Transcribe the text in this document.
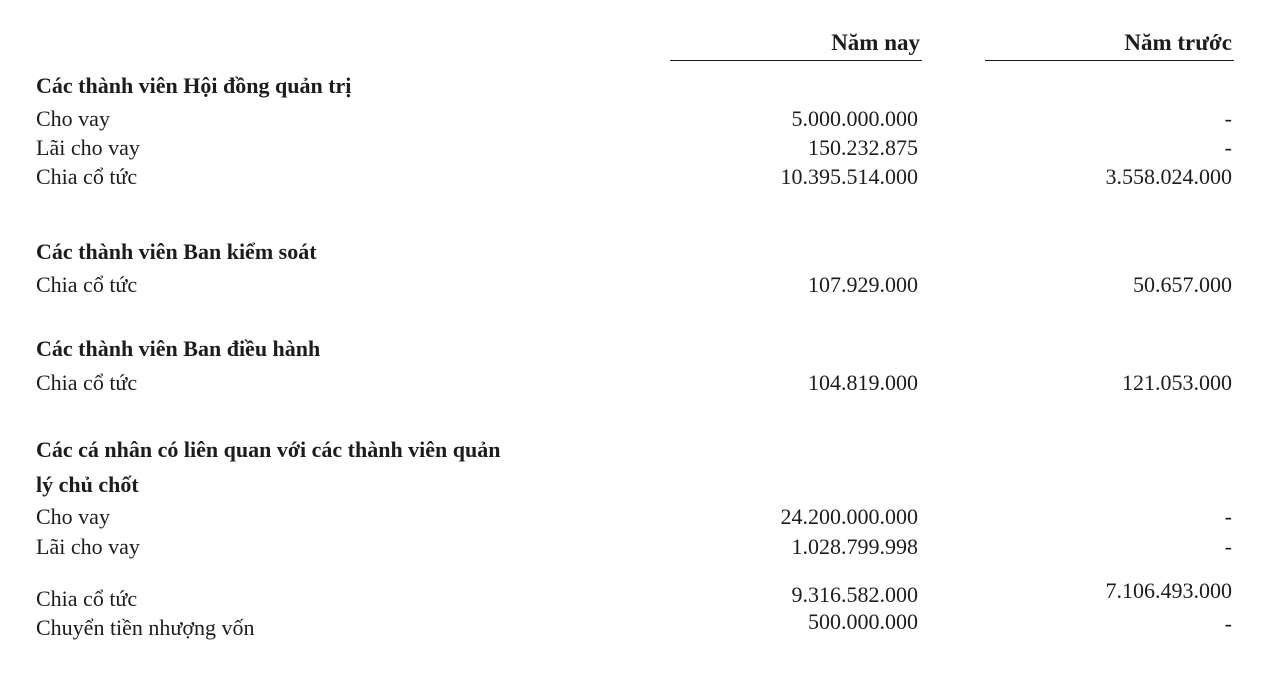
Năm nay	Năm trước
Các thành viên Hội đồng quản trị
Cho vay	5.000.000.000	-
Lãi cho vay	150.232.875	-
Chia cổ tức	10.395.514.000	3.558.024.000
Các thành viên Ban kiểm soát
Chia cổ tức	107.929.000	50.657.000
Các thành viên Ban điều hành
Chia cổ tức	104.819.000	121.053.000
Các cá nhân có liên quan với các thành viên quản
lý chủ chốt
Cho vay	24.200.000.000	-
Lãi cho vay	1.028.799.998	-
Chia cổ tức	9.316.582.000	7.106.493.000
Chuyển tiền nhượng vốn	500.000.000	-
